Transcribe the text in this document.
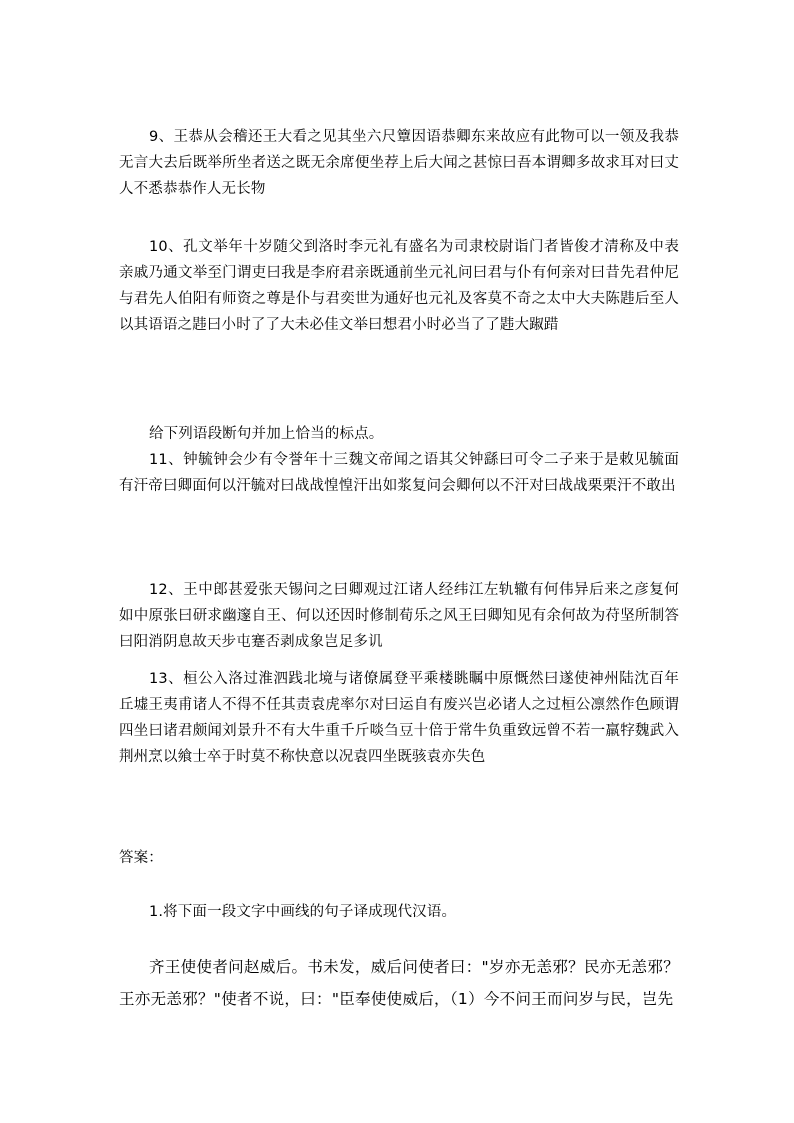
9、王恭从会稽还王大看之见其坐六尺簟因语恭卿东来故应有此物可以一领及我恭无言大去后既举所坐者送之既无余席便坐荐上后大闻之甚惊曰吾本谓卿多故求耳对曰丈人不悉恭恭作人无长物

10、孔文举年十岁随父到洛时李元礼有盛名为司隶校尉诣门者皆俊才清称及中表亲戚乃通文举至门谓吏曰我是李府君亲既通前坐元礼问曰君与仆有何亲对曰昔先君仲尼与君先人伯阳有师资之尊是仆与君奕世为通好也元礼及客莫不奇之太中大夫陈韪后至人以其语语之韪曰小时了了大未必佳文举曰想君小时必当了了韪大踧踖

给下列语段断句并加上恰当的标点。

11、钟毓钟会少有令誉年十三魏文帝闻之语其父钟繇曰可令二子来于是敕见毓面有汗帝曰卿面何以汗毓对曰战战惶惶汗出如浆复问会卿何以不汗对曰战战栗栗汗不敢出

12、王中郎甚爱张天锡问之曰卿观过江诸人经纬江左轨辙有何伟异后来之彦复何如中原张曰研求幽邃自王、何以还因时修制荀乐之风王曰卿知见有余何故为苻坚所制答曰阳消阴息故天步屯蹇否剥成象岂足多讥

13、桓公入洛过淮泗践北境与诸僚属登平乘楼眺瞩中原慨然曰遂使神州陆沈百年丘墟王夷甫诸人不得不任其责袁虎率尔对曰运自有废兴岂必诸人之过桓公凛然作色顾谓四坐曰诸君颇闻刘景升不有大牛重千斤啖刍豆十倍于常牛负重致远曾不若一羸牸魏武入荆州烹以飨士卒于时莫不称快意以况袁四坐既骇袁亦失色

答案：

1.将下面一段文字中画线的句子译成现代汉语。

齐王使使者问赵威后。书未发，威后问使者曰："岁亦无恙邪？民亦无恙邪？王亦无恙邪？"使者不说，曰："臣奉使使威后，（1）今不问王而问岁与民，岂先
